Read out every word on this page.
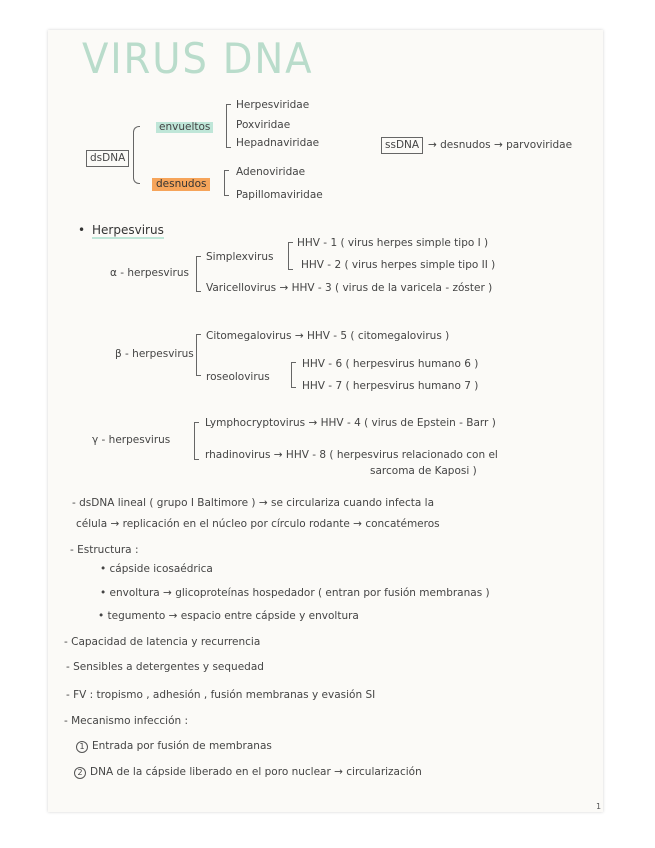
VIRUS DNA
dsDNA
envueltos
Herpesviridae
Poxviridae
Hepadnaviridae
desnudos
Adenoviridae
Papillomaviridae
ssDNA → desnudos → parvoviridae
• Herpesvirus
α - herpesvirus
Simplexvirus
HHV - 1 ( virus herpes simple tipo I )
HHV - 2 ( virus herpes simple tipo II )
Varicellovirus → HHV - 3 ( virus de la varicela - zóster )
β - herpesvirus
Citomegalovirus → HHV - 5 ( citomegalovirus )
roseolovirus
HHV - 6 ( herpesvirus humano 6 )
HHV - 7 ( herpesvirus humano 7 )
γ - herpesvirus
Lymphocryptovirus → HHV - 4 ( virus de Epstein - Barr )
rhadinovirus → HHV - 8 ( herpesvirus relacionado con el
sarcoma de Kaposi )
- dsDNA lineal ( grupo I Baltimore ) → se circulariza cuando infecta la
célula → replicación en el núcleo por círculo rodante → concatémeros
- Estructura :
• cápside icosaédrica
• envoltura → glicoproteínas hospedador ( entran por fusión membranas )
• tegumento → espacio entre cápside y envoltura
- Capacidad de latencia y recurrencia
- Sensibles a detergentes y sequedad
- FV : tropismo , adhesión , fusión membranas y evasión SI
- Mecanismo infección :
1 Entrada por fusión de membranas
2 DNA de la cápside liberado en el poro nuclear → circularización
1
